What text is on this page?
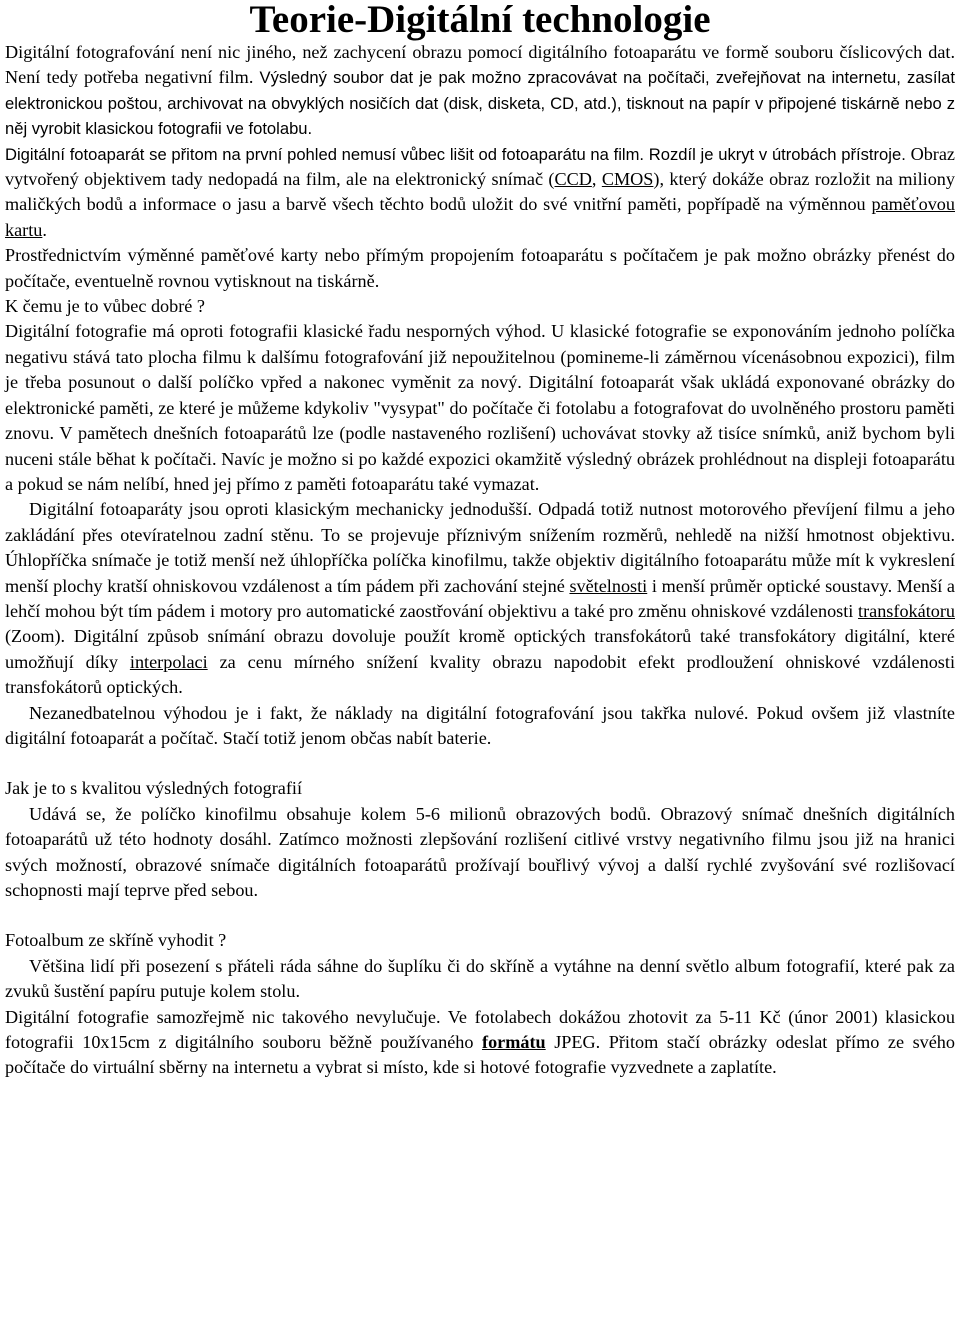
Teorie-Digitální technologie

Digitální fotografování není nic jiného, než zachycení obrazu pomocí digitálního fotoaparátu ve formě souboru číslicových dat. Není tedy potřeba negativní film. Výsledný soubor dat je pak možno zpracovávat na počítači, zveřejňovat na internetu, zasílat elektronickou poštou, archivovat na obvyklých nosičích dat (disk, disketa, CD, atd.), tisknout na papír v připojené tiskárně nebo z něj vyrobit klasickou fotografii ve fotolabu.

Digitální fotoaparát se přitom na první pohled nemusí vůbec lišit od fotoaparátu na film. Rozdíl je ukryt v útrobách přístroje. Obraz vytvořený objektivem tady nedopadá na film, ale na elektronický snímač (CCD, CMOS), který dokáže obraz rozložit na miliony maličkých bodů a informace o jasu a barvě všech těchto bodů uložit do své vnitřní paměti, popřípadě na výměnnou paměťovou kartu.

Prostřednictvím výměnné paměťové karty nebo přímým propojením fotoaparátu s počítačem je pak možno obrázky přenést do počítače, eventuelně rovnou vytisknout na tiskárně.

K čemu je to vůbec dobré ?

Digitální fotografie má oproti fotografii klasické řadu nesporných výhod. U klasické fotografie se exponováním jednoho políčka negativu stává tato plocha filmu k dalšímu fotografování již nepoužitelnou (pomineme-li záměrnou vícenásobnou expozici), film je třeba posunout o další políčko vpřed a nakonec vyměnit za nový. Digitální fotoaparát však ukládá exponované obrázky do elektronické paměti, ze které je můžeme kdykoliv "vysypat" do počítače či fotolabu a fotografovat do uvolněného prostoru paměti znovu. V pamětech dnešních fotoaparátů lze (podle nastaveného rozlišení) uchovávat stovky až tisíce snímků, aniž bychom byli nuceni stále běhat k počítači. Navíc je možno si po každé expozici okamžitě výsledný obrázek prohlédnout na displeji fotoaparátu a pokud se nám nelíbí, hned jej přímo z paměti fotoaparátu také vymazat.

Digitální fotoaparáty jsou oproti klasickým mechanicky jednodušší. Odpadá totiž nutnost motorového převíjení filmu a jeho zakládání přes otevíratelnou zadní stěnu. To se projevuje příznivým snížením rozměrů, nehledě na nižší hmotnost objektivu. Úhlopříčka snímače je totiž menší než úhlopříčka políčka kinofilmu, takže objektiv digitálního fotoaparátu může mít k vykreslení menší plochy kratší ohniskovou vzdálenost a tím pádem při zachování stejné světelnosti i menší průměr optické soustavy. Menší a lehčí mohou být tím pádem i motory pro automatické zaostřování objektivu a také pro změnu ohniskové vzdálenosti transfokátoru (Zoom). Digitální způsob snímání obrazu dovoluje použít kromě optických transfokátorů také transfokátory digitální, které umožňují díky interpolaci za cenu mírného snížení kvality obrazu napodobit efekt prodloužení ohniskové vzdálenosti transfokátorů optických.

Nezanedbatelnou výhodou je i fakt, že náklady na digitální fotografování jsou takřka nulové. Pokud ovšem již vlastníte digitální fotoaparát a počítač. Stačí totiž jenom občas nabít baterie.

Jak je to s kvalitou výsledných fotografií

Udává se, že políčko kinofilmu obsahuje kolem 5-6 milionů obrazových bodů. Obrazový snímač dnešních digitálních fotoaparátů už této hodnoty dosáhl. Zatímco možnosti zlepšování rozlišení citlivé vrstvy negativního filmu jsou již na hranici svých možností, obrazové snímače digitálních fotoaparátů prožívají bouřlivý vývoj a další rychlé zvyšování své rozlišovací schopnosti mají teprve před sebou.

Fotoalbum ze skříně vyhodit ?

Většina lidí při posezení s přáteli ráda sáhne do šuplíku či do skříně a vytáhne na denní světlo album fotografií, které pak za zvuků šustění papíru putuje kolem stolu.

Digitální fotografie samozřejmě nic takového nevylučuje. Ve fotolabech dokážou zhotovit za 5-11 Kč (únor 2001) klasickou fotografii 10x15cm z digitálního souboru běžně používaného formátu JPEG. Přitom stačí obrázky odeslat přímo ze svého počítače do virtuální sběrny na internetu a vybrat si místo, kde si hotové fotografie vyzvednete a zaplatíte.
